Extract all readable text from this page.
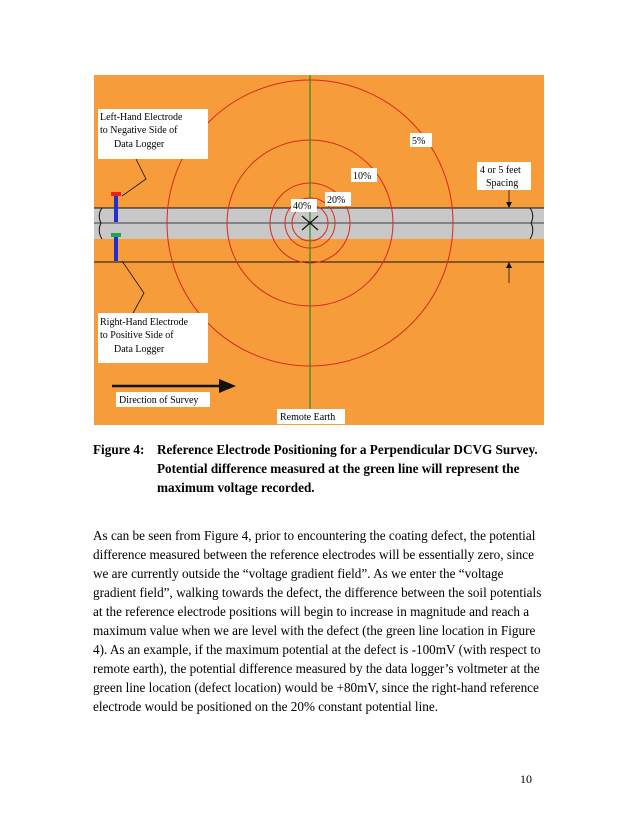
Left-Hand Electrode
to Negative Side of
Data Logger
Right-Hand Electrode
to Positive Side of
Data Logger
4 or 5 feet
Spacing
Direction of Survey
Remote Earth
5%
10%
20%
40%
Figure 4: Reference Electrode Positioning for a Perpendicular DCVG Survey. Potential difference measured at the green line will represent the maximum voltage recorded.

As can be seen from Figure 4, prior to encountering the coating defect, the potential difference measured between the reference electrodes will be essentially zero, since we are currently outside the “voltage gradient field”. As we enter the “voltage gradient field”, walking towards the defect, the difference between the soil potentials at the reference electrode positions will begin to increase in magnitude and reach a maximum value when we are level with the defect (the green line location in Figure 4). As an example, if the maximum potential at the defect is -100mV (with respect to remote earth), the potential difference measured by the data logger’s voltmeter at the green line location (defect location) would be +80mV, since the right-hand reference electrode would be positioned on the 20% constant potential line.

10
